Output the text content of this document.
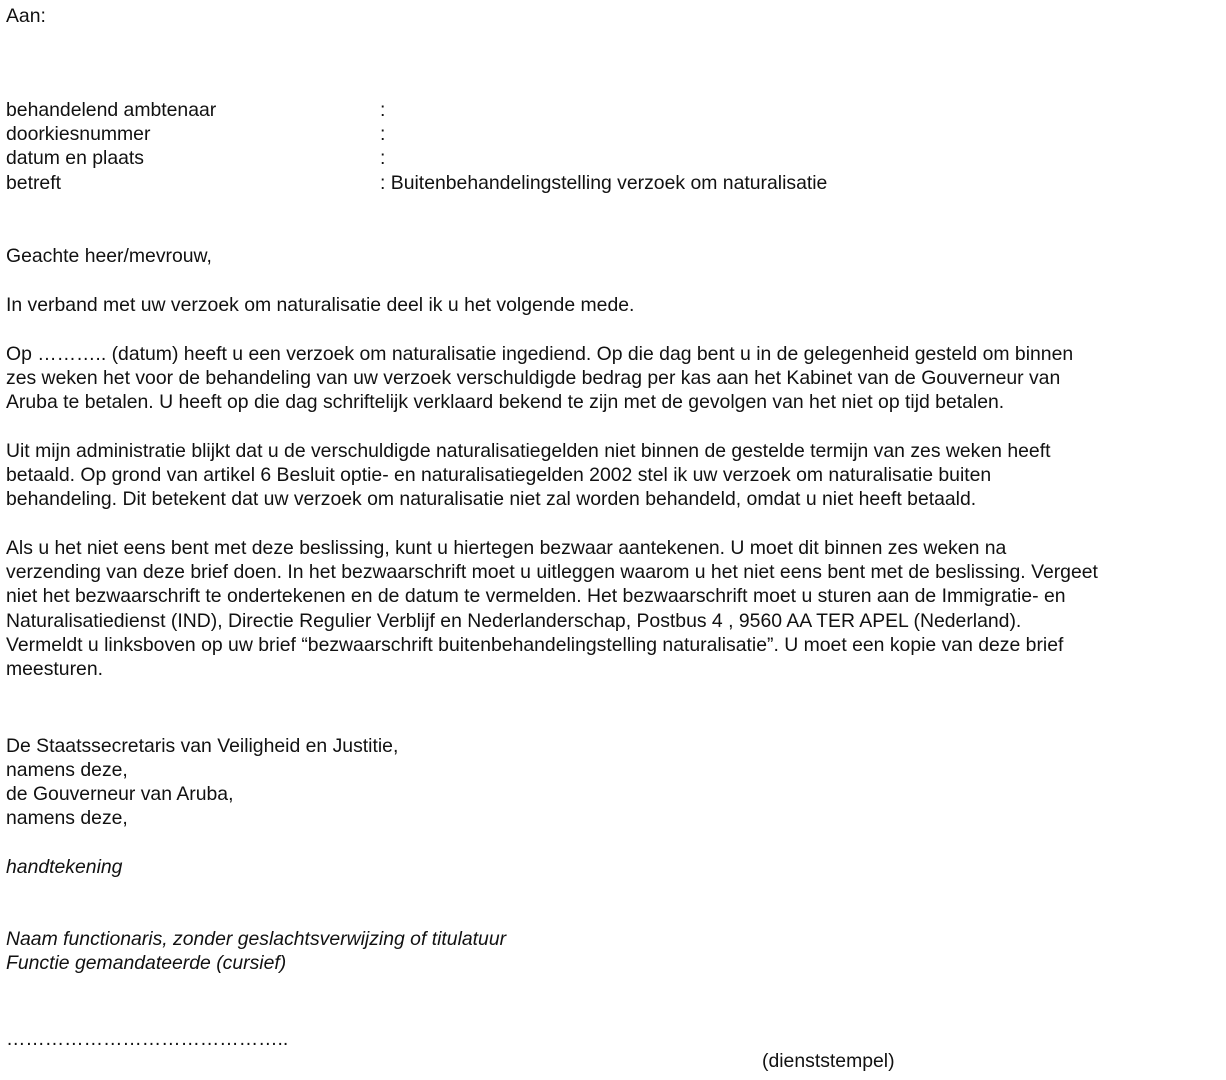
Aan:
behandelend ambtenaar	:
doorkiesnummer	:
datum en plaats	:
betreft	: Buitenbehandelingstelling verzoek om naturalisatie
Geachte heer/mevrouw,
In verband met uw verzoek om naturalisatie deel ik u het volgende mede.

Op ……….. (datum) heeft u een verzoek om naturalisatie ingediend. Op die dag bent u in de gelegenheid gesteld om binnen
zes weken het voor de behandeling van uw verzoek verschuldigde bedrag per kas aan het Kabinet van de Gouverneur van
Aruba te betalen. U heeft op die dag schriftelijk verklaard bekend te zijn met de gevolgen van het niet op tijd betalen.

Uit mijn administratie blijkt dat u de verschuldigde naturalisatiegelden niet binnen de gestelde termijn van zes weken heeft
betaald. Op grond van artikel 6 Besluit optie- en naturalisatiegelden 2002 stel ik uw verzoek om naturalisatie buiten
behandeling. Dit betekent dat uw verzoek om naturalisatie niet zal worden behandeld, omdat u niet heeft betaald.

Als u het niet eens bent met deze beslissing, kunt u hiertegen bezwaar aantekenen. U moet dit binnen zes weken na
verzending van deze brief doen. In het bezwaarschrift moet u uitleggen waarom u het niet eens bent met de beslissing. Vergeet
niet het bezwaarschrift te ondertekenen en de datum te vermelden. Het bezwaarschrift moet u sturen aan de Immigratie- en
Naturalisatiedienst (IND), Directie Regulier Verblijf en Nederlanderschap, Postbus 4 , 9560 AA TER APEL (Nederland).
Vermeldt u linksboven op uw brief “bezwaarschrift buitenbehandelingstelling naturalisatie”. U moet een kopie van deze brief
meesturen.

De Staatssecretaris van Veiligheid en Justitie,
namens deze,
de Gouverneur van Aruba,
namens deze,
handtekening
Naam functionaris, zonder geslachtsverwijzing of titulatuur
Functie gemandateerde (cursief)
……………………………………..
(dienststempel)
